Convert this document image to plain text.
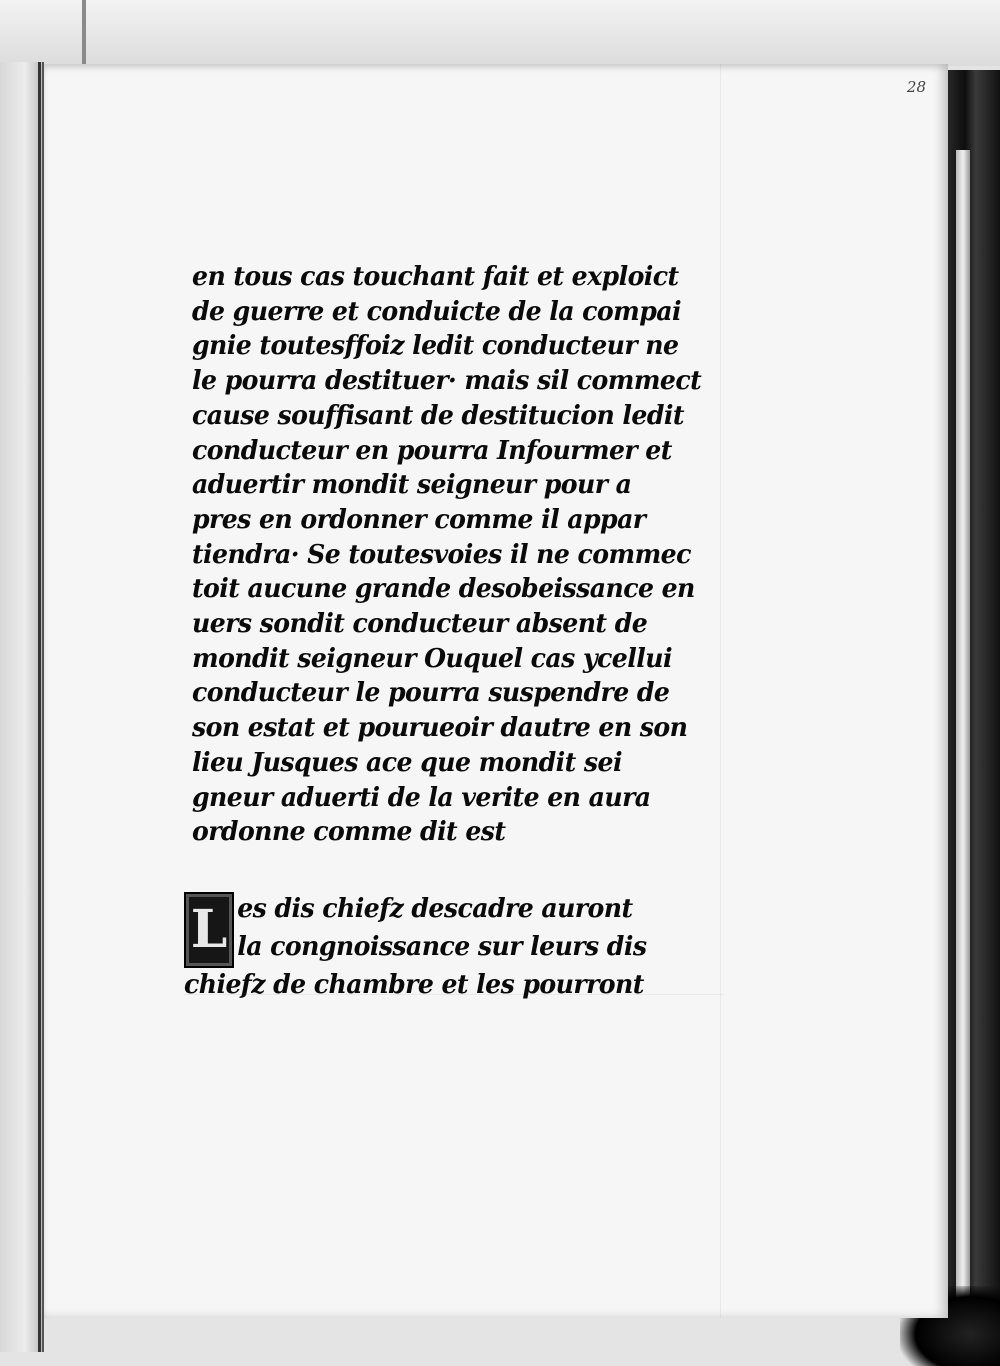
28
en tous cas touchant fait et exploict
de guerre et conduicte de la compai
gnie toutesffoiz ledit conducteur ne
le pourra destituer· mais sil commect
cause souffisant de destitucion ledit
conducteur en pourra Infourmer et
aduertir mondit seigneur pour a
pres en ordonner comme il appar
tiendra· Se toutesvoies il ne commec
toit aucune grande desobeissance en
uers sondit conducteur absent de
mondit seigneur Ouquel cas ycellui
conducteur le pourra suspendre de
son estat et pourueoir dautre en son
lieu Jusques ace que mondit sei
gneur aduerti de la verite en aura
ordonne comme dit est
L es dis chiefz descadre auront
la congnoissance sur leurs dis
chiefz de chambre et les pourront
